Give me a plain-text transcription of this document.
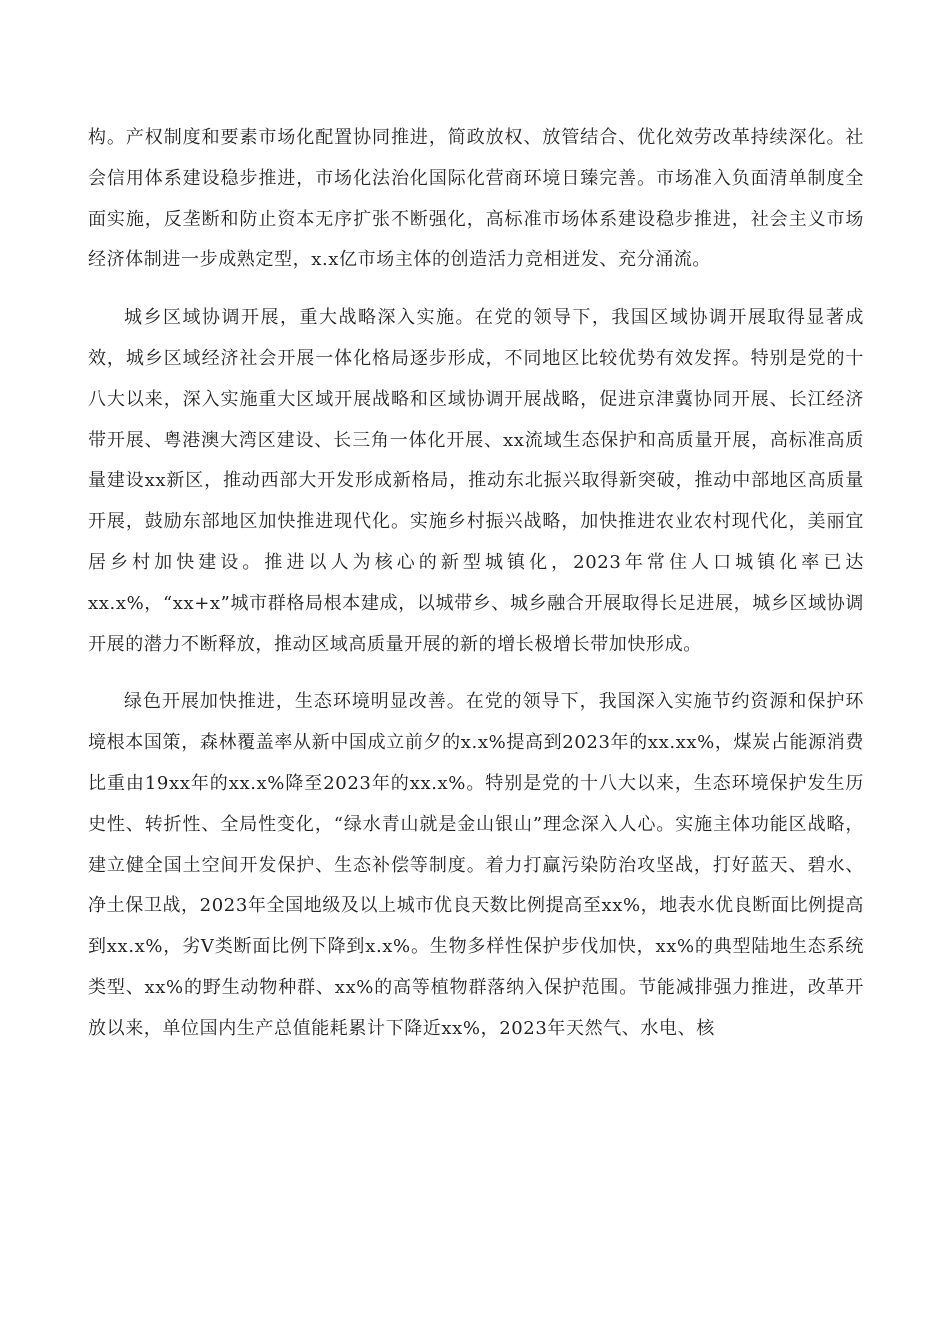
构。产权制度和要素市场化配置协同推进，简政放权、放管结合、优化效劳改革持续深化。社会信用体系建设稳步推进，市场化法治化国际化营商环境日臻完善。市场准入负面清单制度全面实施，反垄断和防止资本无序扩张不断强化，高标准市场体系建设稳步推进，社会主义市场经济体制进一步成熟定型，x.x亿市场主体的创造活力竞相迸发、充分涌流。

城乡区域协调开展，重大战略深入实施。在党的领导下，我国区域协调开展取得显著成效，城乡区域经济社会开展一体化格局逐步形成，不同地区比较优势有效发挥。特别是党的十八大以来，深入实施重大区域开展战略和区域协调开展战略，促进京津冀协同开展、长江经济带开展、粤港澳大湾区建设、长三角一体化开展、xx流域生态保护和高质量开展，高标准高质量建设xx新区，推动西部大开发形成新格局，推动东北振兴取得新突破，推动中部地区高质量开展，鼓励东部地区加快推进现代化。实施乡村振兴战略，加快推进农业农村现代化，美丽宜居乡村加快建设。推进以人为核心的新型城镇化，2023年常住人口城镇化率已达xx.x%，“xx+x”城市群格局根本建成，以城带乡、城乡融合开展取得长足进展，城乡区域协调开展的潜力不断释放，推动区域高质量开展的新的增长极增长带加快形成。

绿色开展加快推进，生态环境明显改善。在党的领导下，我国深入实施节约资源和保护环境根本国策，森林覆盖率从新中国成立前夕的x.x%提高到2023年的xx.xx%，煤炭占能源消费比重由19xx年的xx.x%降至2023年的xx.x%。特别是党的十八大以来，生态环境保护发生历史性、转折性、全局性变化，“绿水青山就是金山银山”理念深入人心。实施主体功能区战略，建立健全国土空间开发保护、生态补偿等制度。着力打赢污染防治攻坚战，打好蓝天、碧水、净土保卫战，2023年全国地级及以上城市优良天数比例提高至xx%，地表水优良断面比例提高到xx.x%，劣Ⅴ类断面比例下降到x.x%。生物多样性保护步伐加快，xx%的典型陆地生态系统类型、xx%的野生动物种群、xx%的高等植物群落纳入保护范围。节能减排强力推进，改革开放以来，单位国内生产总值能耗累计下降近xx%，2023年天然气、水电、核
